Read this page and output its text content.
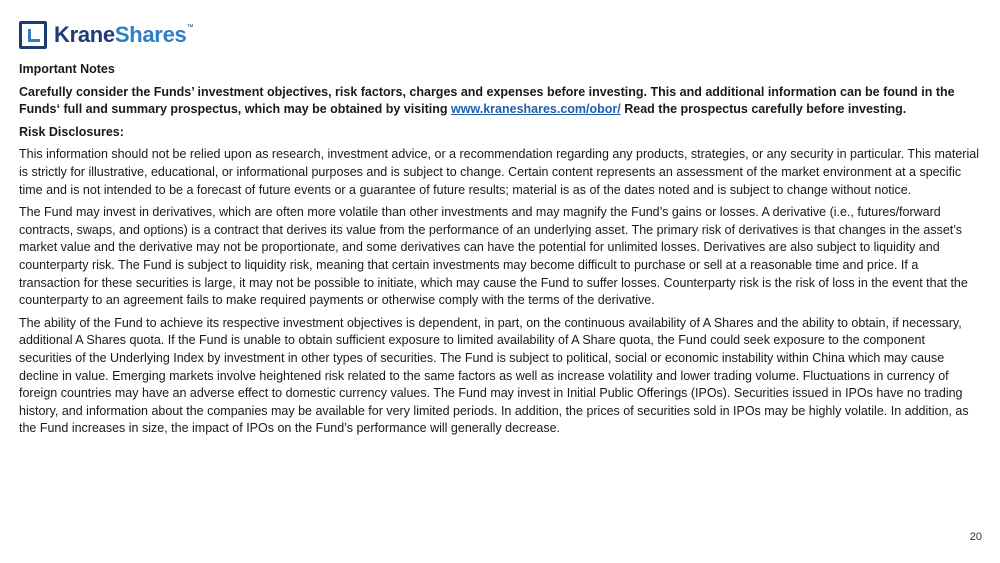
KraneShares™

Important Notes

Carefully consider the Funds’ investment objectives, risk factors, charges and expenses before investing. This and additional information can be found in the Funds‘ full and summary prospectus, which may be obtained by visiting www.kraneshares.com/obor/ Read the prospectus carefully before investing.

Risk Disclosures:

This information should not be relied upon as research, investment advice, or a recommendation regarding any products, strategies, or any security in particular. This material is strictly for illustrative, educational, or informational purposes and is subject to change. Certain content represents an assessment of the market environment at a specific time and is not intended to be a forecast of future events or a guarantee of future results; material is as of the dates noted and is subject to change without notice.

The Fund may invest in derivatives, which are often more volatile than other investments and may magnify the Fund’s gains or losses. A derivative (i.e., futures/forward contracts, swaps, and options) is a contract that derives its value from the performance of an underlying asset. The primary risk of derivatives is that changes in the asset’s market value and the derivative may not be proportionate, and some derivatives can have the potential for unlimited losses. Derivatives are also subject to liquidity and counterparty risk. The Fund is subject to liquidity risk, meaning that certain investments may become difficult to purchase or sell at a reasonable time and price. If a transaction for these securities is large, it may not be possible to initiate, which may cause the Fund to suffer losses. Counterparty risk is the risk of loss in the event that the counterparty to an agreement fails to make required payments or otherwise comply with the terms of the derivative.

The ability of the Fund to achieve its respective investment objectives is dependent, in part, on the continuous availability of A Shares and the ability to obtain, if necessary, additional A Shares quota. If the Fund is unable to obtain sufficient exposure to limited availability of A Share quota, the Fund could seek exposure to the component securities of the Underlying Index by investment in other types of securities. The Fund is subject to political, social or economic instability within China which may cause decline in value. Emerging markets involve heightened risk related to the same factors as well as increase volatility and lower trading volume. Fluctuations in currency of foreign countries may have an adverse effect to domestic currency values. The Fund may invest in Initial Public Offerings (IPOs). Securities issued in IPOs have no trading history, and information about the companies may be available for very limited periods. In addition, the prices of securities sold in IPOs may be highly volatile. In addition, as the Fund increases in size, the impact of IPOs on the Fund’s performance will generally decrease.

20
